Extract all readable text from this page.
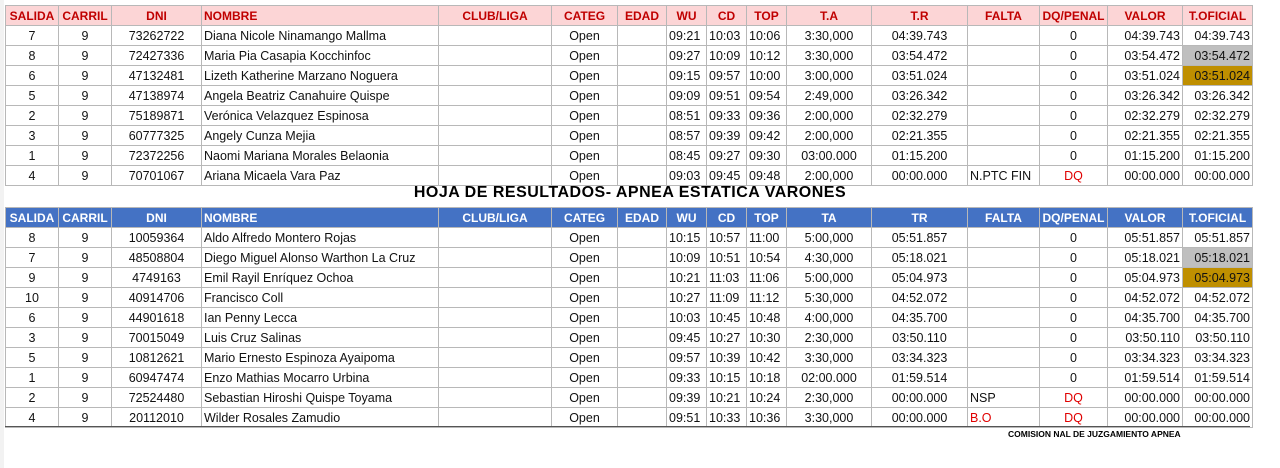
SALIDA	CARRIL	DNI	NOMBRE	CLUB/LIGA	CATEG	EDAD	WU	CD	TOP	T.A	T.R	FALTA	DQ/PENAL	VALOR	T.OFICIAL
7	9	73262722	Diana Nicole Ninamango Mallma		Open		09:21	10:03	10:06	3:30,000	04:39.743		0	04:39.743	04:39.743
8	9	72427336	Maria Pia Casapia Kocchinfoc		Open		09:27	10:09	10:12	3:30,000	03:54.472		0	03:54.472	03:54.472
6	9	47132481	Lizeth Katherine Marzano Noguera		Open		09:15	09:57	10:00	3:00,000	03:51.024		0	03:51.024	03:51.024
5	9	47138974	Angela Beatriz Canahuire Quispe		Open		09:09	09:51	09:54	2:49,000	03:26.342		0	03:26.342	03:26.342
2	9	75189871	Verónica Velazquez Espinosa		Open		08:51	09:33	09:36	2:00,000	02:32.279		0	02:32.279	02:32.279
3	9	60777325	Angely Cunza Mejia		Open		08:57	09:39	09:42	2:00,000	02:21.355		0	02:21.355	02:21.355
1	9	72372256	Naomi Mariana Morales Belaonia		Open		08:45	09:27	09:30	03:00.000	01:15.200		0	01:15.200	01:15.200
4	9	70701067	Ariana Micaela Vara Paz		Open		09:03	09:45	09:48	2:00,000	00:00.000	N.PTC FIN	DQ	00:00.000	00:00.000
HOJA DE RESULTADOS- APNEA ESTATICA VARONES
SALIDA	CARRIL	DNI	NOMBRE	CLUB/LIGA	CATEG	EDAD	WU	CD	TOP	TA	TR	FALTA	DQ/PENAL	VALOR	T.OFICIAL
8	9	10059364	Aldo Alfredo Montero Rojas		Open		10:15	10:57	11:00	5:00,000	05:51.857		0	05:51.857	05:51.857
7	9	48508804	Diego Miguel Alonso Warthon La Cruz		Open		10:09	10:51	10:54	4:30,000	05:18.021		0	05:18.021	05:18.021
9	9	4749163	Emil Rayil Enríquez Ochoa		Open		10:21	11:03	11:06	5:00,000	05:04.973		0	05:04.973	05:04.973
10	9	40914706	Francisco Coll		Open		10:27	11:09	11:12	5:30,000	04:52.072		0	04:52.072	04:52.072
6	9	44901618	Ian Penny Lecca		Open		10:03	10:45	10:48	4:00,000	04:35.700		0	04:35.700	04:35.700
3	9	70015049	Luis Cruz Salinas		Open		09:45	10:27	10:30	2:30,000	03:50.110		0	03:50.110	03:50.110
5	9	10812621	Mario Ernesto Espinoza Ayaipoma		Open		09:57	10:39	10:42	3:30,000	03:34.323		0	03:34.323	03:34.323
1	9	60947474	Enzo Mathias Mocarro Urbina		Open		09:33	10:15	10:18	02:00.000	01:59.514		0	01:59.514	01:59.514
2	9	72524480	Sebastian Hiroshi Quispe Toyama		Open		09:39	10:21	10:24	2:30,000	00:00.000	NSP	DQ	00:00.000	00:00.000
4	9	20112010	Wilder Rosales Zamudio		Open		09:51	10:33	10:36	3:30,000	00:00.000	B.O	DQ	00:00.000	00:00.000
COMISION NAL DE JUZGAMIENTO APNEA
